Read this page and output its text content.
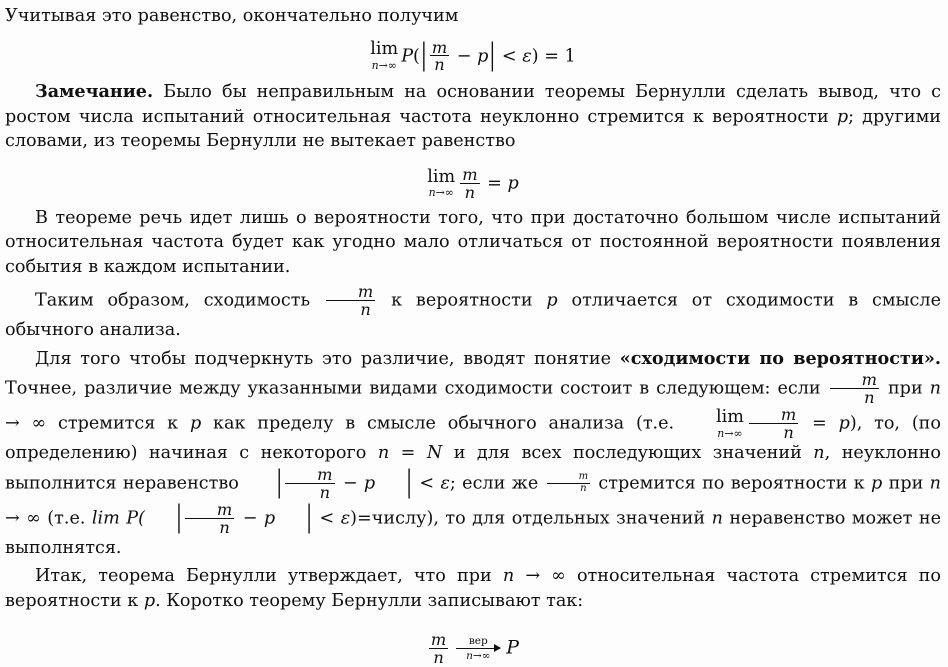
Учитывая это равенство, окончательно получим

lim
n→∞ $P(| \frac{m}{n} - p| < \varepsilon) = 1$

Замечание. Было бы неправильным на основании теоремы Бернулли сделать вывод, что с ростом числа испытаний относительная частота неуклонно стремится к вероятности p; другими словами, из теоремы Бернулли не вытекает равенство

lim
$n\to\infty \frac{m}{n} = p$

В теореме речь идет лишь о вероятности того, что при достаточно большом числе испытаний относительная частота будет как угодно мало отличаться от постоянной вероятности появления события в каждом испытании.

Таким образом, сходимость $\frac{m}{n}$ к вероятности p отличается от сходимости в смысле обычного анализа.

Для того чтобы подчеркнуть это различие, вводят понятие «сходимости по вероятности». Точнее, различие между указанными видами сходимости состоит в следующем: если $\frac{m}{n}$ при n → ∞ стремится к p как пределу в смысле обычного анализа (т.е.	lim
$n\to\infty \frac{m}{n} = p$), то, (по определению) начиная с некоторого n = N и для всех последующих значений n, неуклонно выполнится неравенство | $\frac{m}{n} - p$ | < ε; если же $\frac{m}{n}$ стремится по вероятности к p при n → ∞ (т.е. lim P( | $\frac{m}{n} - p$ | < ε)=числу), то для отдельных значений n неравенство может не выполнятся.

Итак, теорема Бернулли утверждает, что при n → ∞ относительная частота стремится по вероятности к p. Коротко теорему Бернулли записывают так:

$\frac{m}{n}$ вер
n→∞ P
